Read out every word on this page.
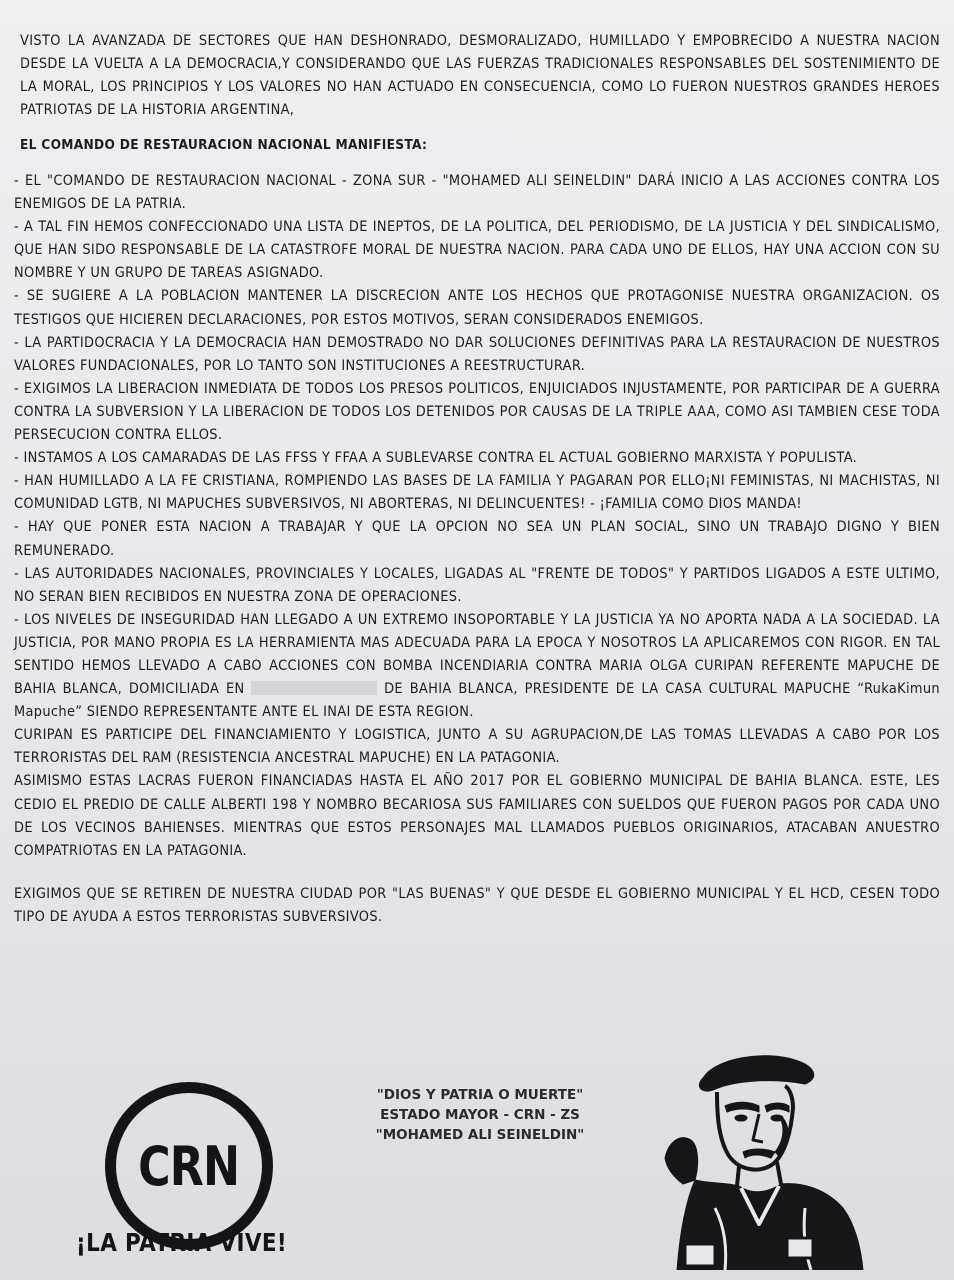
VISTO LA AVANZADA DE SECTORES QUE HAN DESHONRADO, DESMORALIZADO, HUMILLADO Y EMPOBRECIDO A NUESTRA NACION DESDE LA VUELTA A LA DEMOCRACIA,Y CONSIDERANDO QUE LAS FUERZAS TRADICIONALES RESPONSABLES DEL SOSTENIMIENTO DE LA MORAL, LOS PRINCIPIOS Y LOS VALORES NO HAN ACTUADO EN CONSECUENCIA, COMO LO FUERON NUESTROS GRANDES HEROES PATRIOTAS DE LA HISTORIA ARGENTINA,

EL COMANDO DE RESTAURACION NACIONAL MANIFIESTA:

- EL "COMANDO DE RESTAURACION NACIONAL - ZONA SUR - "MOHAMED ALI SEINELDIN" DARÁ INICIO A LAS ACCIONES CONTRA LOS ENEMIGOS DE LA PATRIA.

- A TAL FIN HEMOS CONFECCIONADO UNA LISTA DE INEPTOS, DE LA POLITICA, DEL PERIODISMO, DE LA JUSTICIA Y DEL SINDICALISMO, QUE HAN SIDO RESPONSABLE DE LA CATASTROFE MORAL DE NUESTRA NACION. PARA CADA UNO DE ELLOS, HAY UNA ACCION CON SU NOMBRE Y UN GRUPO DE TAREAS ASIGNADO.

- SE SUGIERE A LA POBLACION MANTENER LA DISCRECION ANTE LOS HECHOS QUE PROTAGONISE NUESTRA ORGANIZACION. OS TESTIGOS QUE HICIEREN DECLARACIONES, POR ESTOS MOTIVOS, SERAN CONSIDERADOS ENEMIGOS.

- LA PARTIDOCRACIA Y LA DEMOCRACIA HAN DEMOSTRADO NO DAR SOLUCIONES DEFINITIVAS PARA LA RESTAURACION DE NUESTROS VALORES FUNDACIONALES, POR LO TANTO SON INSTITUCIONES A REESTRUCTURAR.

- EXIGIMOS LA LIBERACION INMEDIATA DE TODOS LOS PRESOS POLITICOS, ENJUICIADOS INJUSTAMENTE, POR PARTICIPAR DE A GUERRA CONTRA LA SUBVERSION Y LA LIBERACION DE TODOS LOS DETENIDOS POR CAUSAS DE LA TRIPLE AAA, COMO ASI TAMBIEN CESE TODA PERSECUCION CONTRA ELLOS.

- INSTAMOS A LOS CAMARADAS DE LAS FFSS Y FFAA A SUBLEVARSE CONTRA EL ACTUAL GOBIERNO MARXISTA Y POPULISTA.

- HAN HUMILLADO A LA FE CRISTIANA, ROMPIENDO LAS BASES DE LA FAMILIA Y PAGARAN POR ELLO¡NI FEMINISTAS, NI MACHISTAS, NI COMUNIDAD LGTB, NI MAPUCHES SUBVERSIVOS, NI ABORTERAS, NI DELINCUENTES! - ¡FAMILIA COMO DIOS MANDA!

- HAY QUE PONER ESTA NACION A TRABAJAR Y QUE LA OPCION NO SEA UN PLAN SOCIAL, SINO UN TRABAJO DIGNO Y BIEN REMUNERADO.

- LAS AUTORIDADES NACIONALES, PROVINCIALES Y LOCALES, LIGADAS AL "FRENTE DE TODOS" Y PARTIDOS LIGADOS A ESTE ULTIMO, NO SERAN BIEN RECIBIDOS EN NUESTRA ZONA DE OPERACIONES.

- LOS NIVELES DE INSEGURIDAD HAN LLEGADO A UN EXTREMO INSOPORTABLE Y LA JUSTICIA YA NO APORTA NADA A LA SOCIEDAD. LA JUSTICIA, POR MANO PROPIA ES LA HERRAMIENTA MAS ADECUADA PARA LA EPOCA Y NOSOTROS LA APLICAREMOS CON RIGOR. EN TAL SENTIDO HEMOS LLEVADO A CABO ACCIONES CON BOMBA INCENDIARIA CONTRA MARIA OLGA CURIPAN REFERENTE MAPUCHE DE BAHIA BLANCA, DOMICILIADA EN	DE BAHIA BLANCA, PRESIDENTE DE LA CASA CULTURAL MAPUCHE “RukaKimun Mapuche” SIENDO REPRESENTANTE ANTE EL INAI DE ESTA REGION.

CURIPAN ES PARTICIPE DEL FINANCIAMIENTO Y LOGISTICA, JUNTO A SU AGRUPACION,DE LAS TOMAS LLEVADAS A CABO POR LOS TERRORISTAS DEL RAM (RESISTENCIA ANCESTRAL MAPUCHE) EN LA PATAGONIA.

ASIMISMO ESTAS LACRAS FUERON FINANCIADAS HASTA EL AÑO 2017 POR EL GOBIERNO MUNICIPAL DE BAHIA BLANCA. ESTE, LES CEDIO EL PREDIO DE CALLE ALBERTI 198 Y NOMBRO BECARIOSA SUS FAMILIARES CON SUELDOS QUE FUERON PAGOS POR CADA UNO DE LOS VECINOS BAHIENSES. MIENTRAS QUE ESTOS PERSONAJES MAL LLAMADOS PUEBLOS ORIGINARIOS, ATACABAN ANUESTRO COMPATRIOTAS EN LA PATAGONIA.

EXIGIMOS QUE SE RETIREN DE NUESTRA CIUDAD POR "LAS BUENAS" Y QUE DESDE EL GOBIERNO MUNICIPAL Y EL HCD, CESEN TODO TIPO DE AYUDA A ESTOS TERRORISTAS SUBVERSIVOS.

CRN
¡LA PATRIA VIVE!
"DIOS Y PATRIA O MUERTE"
ESTADO MAYOR - CRN - ZS
"MOHAMED ALI SEINELDIN"
